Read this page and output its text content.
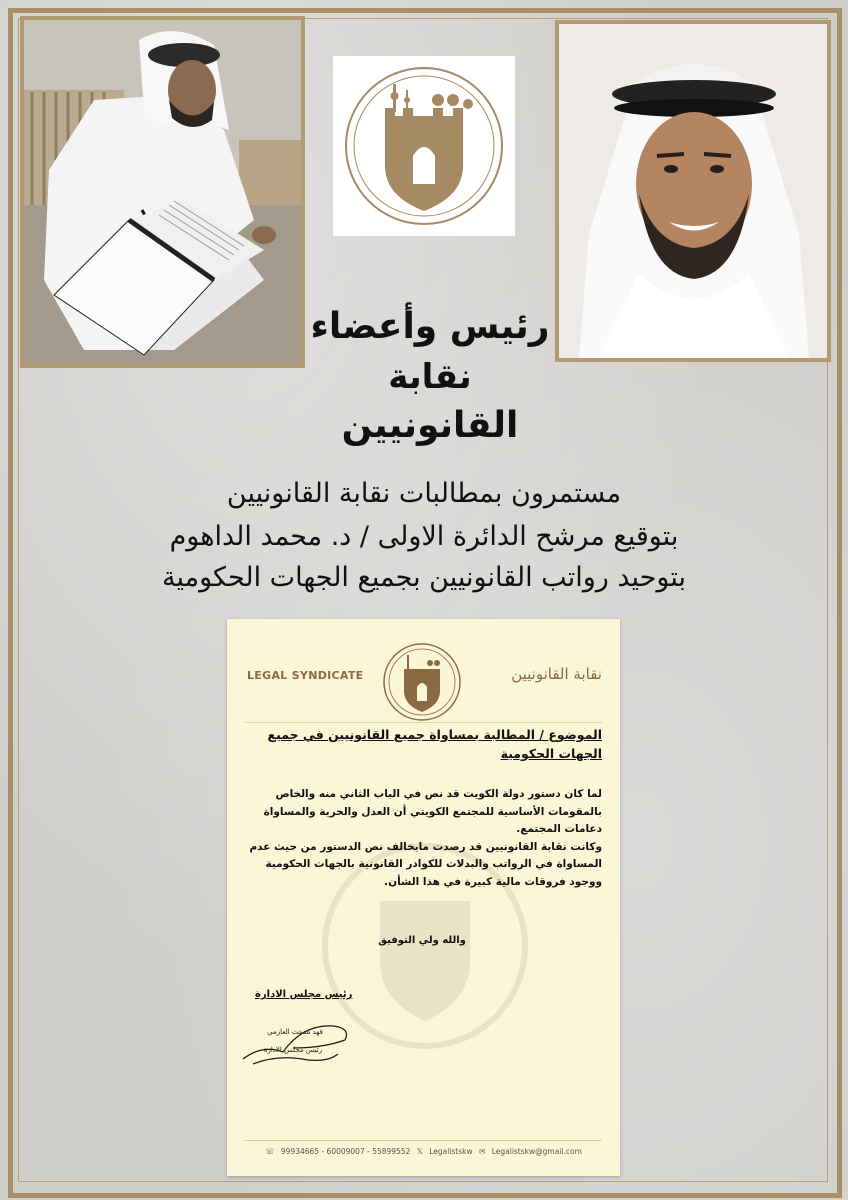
رئيس وأعضاء
نقابة
القانونيين
مستمرون بمطالبات نقابة القانونيين
بتوقيع مرشح الدائرة الاولى / د. محمد الداهوم
بتوحيد رواتب القانونيين بجميع الجهات الحكومية
LEGAL SYNDICATE	نقابة القانونيين
الموضوع / المطالبة بمساواة جميع القانونيين في جميع الجهات الحكومية

لما كان دستور دولة الكويت قد نص في الباب الثاني منه والخاص بالمقومات الأساسية للمجتمع الكويتي أن العدل والحرية والمساواة دعامات المجتمع.

وكانت نقابة القانونيين قد رصدت مايخالف نص الدستور من حيث عدم المساواة في الرواتب والبدلات للكوادر القانونية بالجهات الحكومية ووجود فروقات مالية كبيرة في هذا الشأن.

والله ولي التوفيق
رئيس مجلس الادارة
فهد مدعث العازمي
رئيس مجلس الادارة
☏ 99934665 - 60009007 - 55899552 𝕏 Legalistskw ✉ Legalistskw@gmail.com
